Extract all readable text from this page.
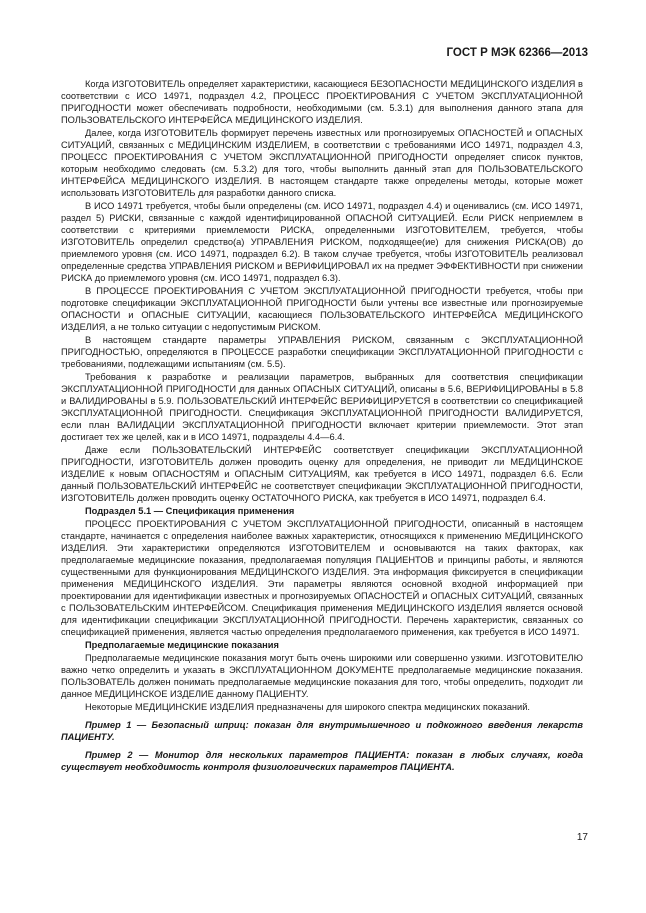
ГОСТ Р МЭК 62366—2013

Когда ИЗГОТОВИТЕЛЬ определяет характеристики, касающиеся БЕЗОПАСНОСТИ МЕДИЦИНСКОГО ИЗДЕЛИЯ в соответствии с ИСО 14971, подраздел 4.2, ПРОЦЕСС ПРОЕКТИРОВАНИЯ С УЧЕТОМ ЭКСПЛУАТАЦИОННОЙ ПРИГОДНОСТИ может обеспечивать подробности, необходимыми (см. 5.3.1) для выполнения данного этапа для ПОЛЬЗОВАТЕЛЬСКОГО ИНТЕРФЕЙСА МЕДИЦИНСКОГО ИЗДЕЛИЯ.

Далее, когда ИЗГОТОВИТЕЛЬ формирует перечень известных или прогнозируемых ОПАСНОСТЕЙ и ОПАСНЫХ СИТУАЦИЙ, связанных с МЕДИЦИНСКИМ ИЗДЕЛИЕМ, в соответствии с требованиями ИСО 14971, подраздел 4.3, ПРОЦЕСС ПРОЕКТИРОВАНИЯ С УЧЕТОМ ЭКСПЛУАТАЦИОННОЙ ПРИГОДНОСТИ определяет список пунктов, которым необходимо следовать (см. 5.3.2) для того, чтобы выполнить данный этап для ПОЛЬЗОВАТЕЛЬСКОГО ИНТЕРФЕЙСА МЕДИЦИНСКОГО ИЗДЕЛИЯ. В настоящем стандарте также определены методы, которые может использовать ИЗГОТОВИТЕЛЬ для разработки данного списка.

В ИСО 14971 требуется, чтобы были определены (см. ИСО 14971, подраздел 4.4) и оценивались (см. ИСО 14971, раздел 5) РИСКИ, связанные с каждой идентифицированной ОПАСНОЙ СИТУАЦИЕЙ. Если РИСК неприемлем в соответствии с критериями приемлемости РИСКА, определенными ИЗГОТОВИТЕЛЕМ, требуется, чтобы ИЗГОТОВИТЕЛЬ определил средство(а) УПРАВЛЕНИЯ РИСКОМ, подходящее(ие) для снижения РИСКА(ОВ) до приемлемого уровня (см. ИСО 14971, подраздел 6.2). В таком случае требуется, чтобы ИЗГОТОВИТЕЛЬ реализовал определенные средства УПРАВЛЕНИЯ РИСКОМ и ВЕРИФИЦИРОВАЛ их на предмет ЭФФЕКТИВНОСТИ при снижении РИСКА до приемлемого уровня (см. ИСО 14971, подраздел 6.3).

В ПРОЦЕССЕ ПРОЕКТИРОВАНИЯ С УЧЕТОМ ЭКСПЛУАТАЦИОННОЙ ПРИГОДНОСТИ требуется, чтобы при подготовке спецификации ЭКСПЛУАТАЦИОННОЙ ПРИГОДНОСТИ были учтены все известные или прогнозируемые ОПАСНОСТИ и ОПАСНЫЕ СИТУАЦИИ, касающиеся ПОЛЬЗОВАТЕЛЬСКОГО ИНТЕРФЕЙСА МЕДИЦИНСКОГО ИЗДЕЛИЯ, а не только ситуации с недопустимым РИСКОМ.

В настоящем стандарте параметры УПРАВЛЕНИЯ РИСКОМ, связанным с ЭКСПЛУАТАЦИОННОЙ ПРИГОДНОСТЬЮ, определяются в ПРОЦЕССЕ разработки спецификации ЭКСПЛУАТАЦИОННОЙ ПРИГОДНОСТИ с требованиями, подлежащими испытаниям (см. 5.5).

Требования к разработке и реализации параметров, выбранных для соответствия спецификации ЭКСПЛУАТАЦИОННОЙ ПРИГОДНОСТИ для данных ОПАСНЫХ СИТУАЦИЙ, описаны в 5.6, ВЕРИФИЦИРОВАНЫ в 5.8 и ВАЛИДИРОВАНЫ в 5.9. ПОЛЬЗОВАТЕЛЬСКИЙ ИНТЕРФЕЙС ВЕРИФИЦИРУЕТСЯ в соответствии со спецификацией ЭКСПЛУАТАЦИОННОЙ ПРИГОДНОСТИ. Спецификация ЭКСПЛУАТАЦИОННОЙ ПРИГОДНОСТИ ВАЛИДИРУЕТСЯ, если план ВАЛИДАЦИИ ЭКСПЛУАТАЦИОННОЙ ПРИГОДНОСТИ включает критерии приемлемости. Этот этап достигает тех же целей, как и в ИСО 14971, подразделы 4.4—6.4.

Даже если ПОЛЬЗОВАТЕЛЬСКИЙ ИНТЕРФЕЙС соответствует спецификации ЭКСПЛУАТАЦИОННОЙ ПРИГОДНОСТИ, ИЗГОТОВИТЕЛЬ должен проводить оценку для определения, не приводит ли МЕДИЦИНСКОЕ ИЗДЕЛИЕ к новым ОПАСНОСТЯМ и ОПАСНЫМ СИТУАЦИЯМ, как требуется в ИСО 14971, подраздел 6.6. Если данный ПОЛЬЗОВАТЕЛЬСКИЙ ИНТЕРФЕЙС не соответствует спецификации ЭКСПЛУАТАЦИОННОЙ ПРИГОДНОСТИ, ИЗГОТОВИТЕЛЬ должен проводить оценку ОСТАТОЧНОГО РИСКА, как требуется в ИСО 14971, подраздел 6.4.

Подраздел 5.1 — Спецификация применения

ПРОЦЕСС ПРОЕКТИРОВАНИЯ С УЧЕТОМ ЭКСПЛУАТАЦИОННОЙ ПРИГОДНОСТИ, описанный в настоящем стандарте, начинается с определения наиболее важных характеристик, относящихся к применению МЕДИЦИНСКОГО ИЗДЕЛИЯ. Эти характеристики определяются ИЗГОТОВИТЕЛЕМ и основываются на таких факторах, как предполагаемые медицинские показания, предполагаемая популяция ПАЦИЕНТОВ и принципы работы, и являются существенными для функционирования МЕДИЦИНСКОГО ИЗДЕЛИЯ. Эта информация фиксируется в спецификации применения МЕДИЦИНСКОГО ИЗДЕЛИЯ. Эти параметры являются основной входной информацией при проектировании для идентификации известных и прогнозируемых ОПАСНОСТЕЙ и ОПАСНЫХ СИТУАЦИЙ, связанных с ПОЛЬЗОВАТЕЛЬСКИМ ИНТЕРФЕЙСОМ. Спецификация применения МЕДИЦИНСКОГО ИЗДЕЛИЯ является основой для идентификации спецификации ЭКСПЛУАТАЦИОННОЙ ПРИГОДНОСТИ. Перечень характеристик, связанных со спецификацией применения, является частью определения предполагаемого применения, как требуется в ИСО 14971.

Предполагаемые медицинские показания

Предполагаемые медицинские показания могут быть очень широкими или совершенно узкими. ИЗГОТОВИТЕЛЮ важно четко определить и указать в ЭКСПЛУАТАЦИОННОМ ДОКУМЕНТЕ предполагаемые медицинские показания. ПОЛЬЗОВАТЕЛЬ должен понимать предполагаемые медицинские показания для того, чтобы определить, подходит ли данное МЕДИЦИНСКОЕ ИЗДЕЛИЕ данному ПАЦИЕНТУ.

Некоторые МЕДИЦИНСКИЕ ИЗДЕЛИЯ предназначены для широкого спектра медицинских показаний.

Пример 1 — Безопасный шприц: показан для внутримышечного и подкожного введения лекарств ПАЦИЕНТУ.

Пример 2 — Монитор для нескольких параметров ПАЦИЕНТА: показан в любых случаях, когда существует необходимость контроля физиологических параметров ПАЦИЕНТА.

17
